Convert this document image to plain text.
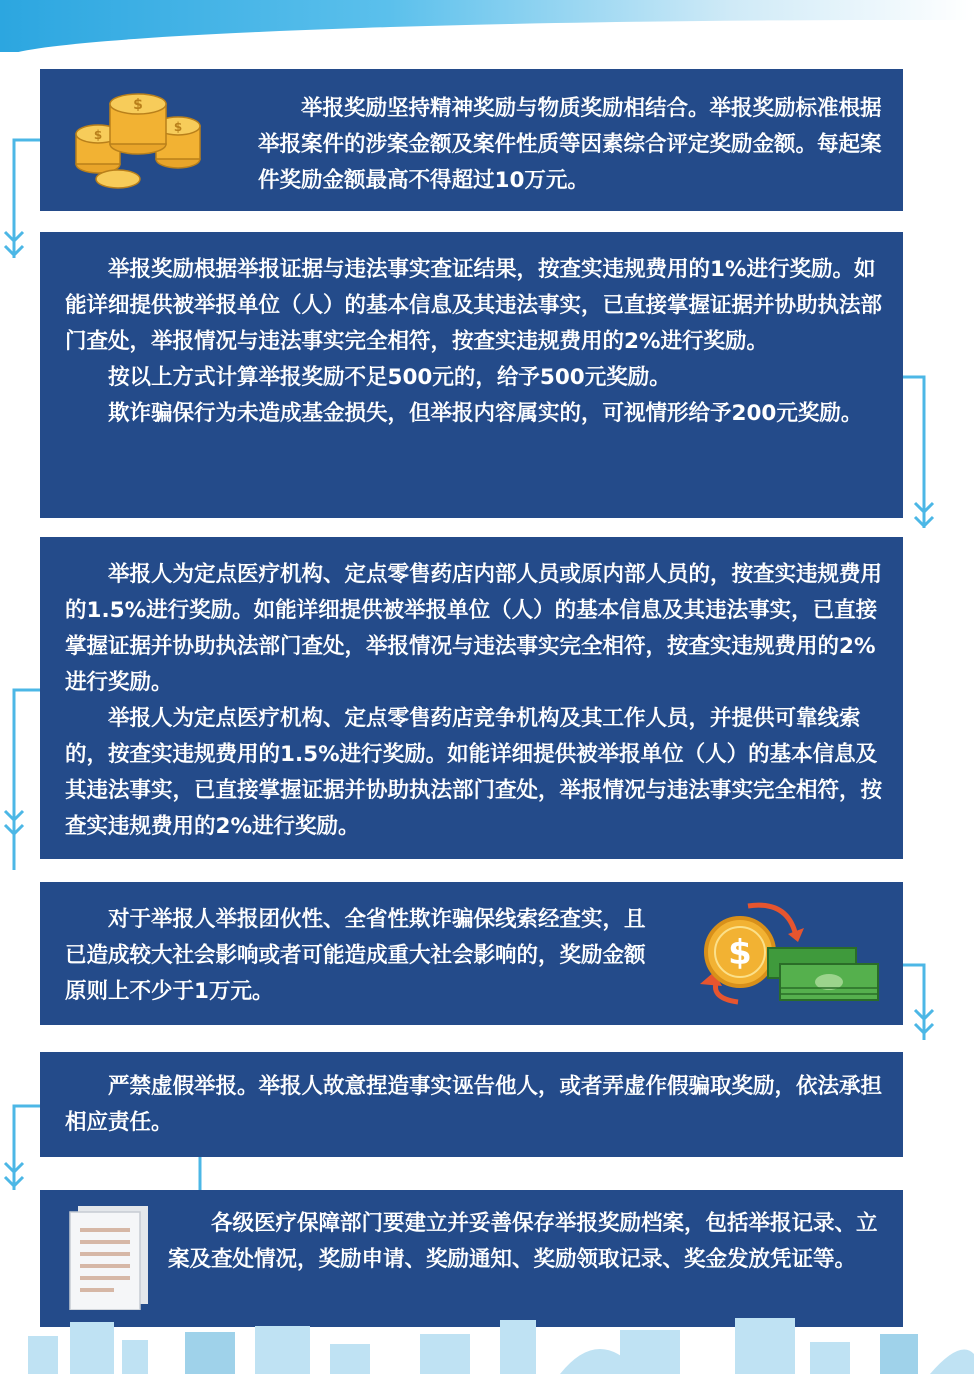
举报奖励坚持精神奖励与物质奖励相结合。举报奖励标准根据举报案件的涉案金额及案件性质等因素综合评定奖励金额。每起案件奖励金额最高不得超过10万元。

$
$
$

举报奖励根据举报证据与违法事实查证结果，按查实违规费用的1%进行奖励。如能详细提供被举报单位（人）的基本信息及其违法事实，已直接掌握证据并协助执法部门查处，举报情况与违法事实完全相符，按查实违规费用的2%进行奖励。

按以上方式计算举报奖励不足500元的，给予500元奖励。

欺诈骗保行为未造成基金损失，但举报内容属实的，可视情形给予200元奖励。

举报人为定点医疗机构、定点零售药店内部人员或原内部人员的，按查实违规费用的1.5%进行奖励。如能详细提供被举报单位（人）的基本信息及其违法事实，已直接掌握证据并协助执法部门查处，举报情况与违法事实完全相符，按查实违规费用的2%进行奖励。

举报人为定点医疗机构、定点零售药店竞争机构及其工作人员，并提供可靠线索的，按查实违规费用的1.5%进行奖励。如能详细提供被举报单位（人）的基本信息及其违法事实，已直接掌握证据并协助执法部门查处，举报情况与违法事实完全相符，按查实违规费用的2%进行奖励。

对于举报人举报团伙性、全省性欺诈骗保线索经查实，且已造成较大社会影响或者可能造成重大社会影响的，奖励金额原则上不少于1万元。

$

严禁虚假举报。举报人故意捏造事实诬告他人，或者弄虚作假骗取奖励，依法承担相应责任。

各级医疗保障部门要建立并妥善保存举报奖励档案，包括举报记录、立案及查处情况，奖励申请、奖励通知、奖励领取记录、奖金发放凭证等。
